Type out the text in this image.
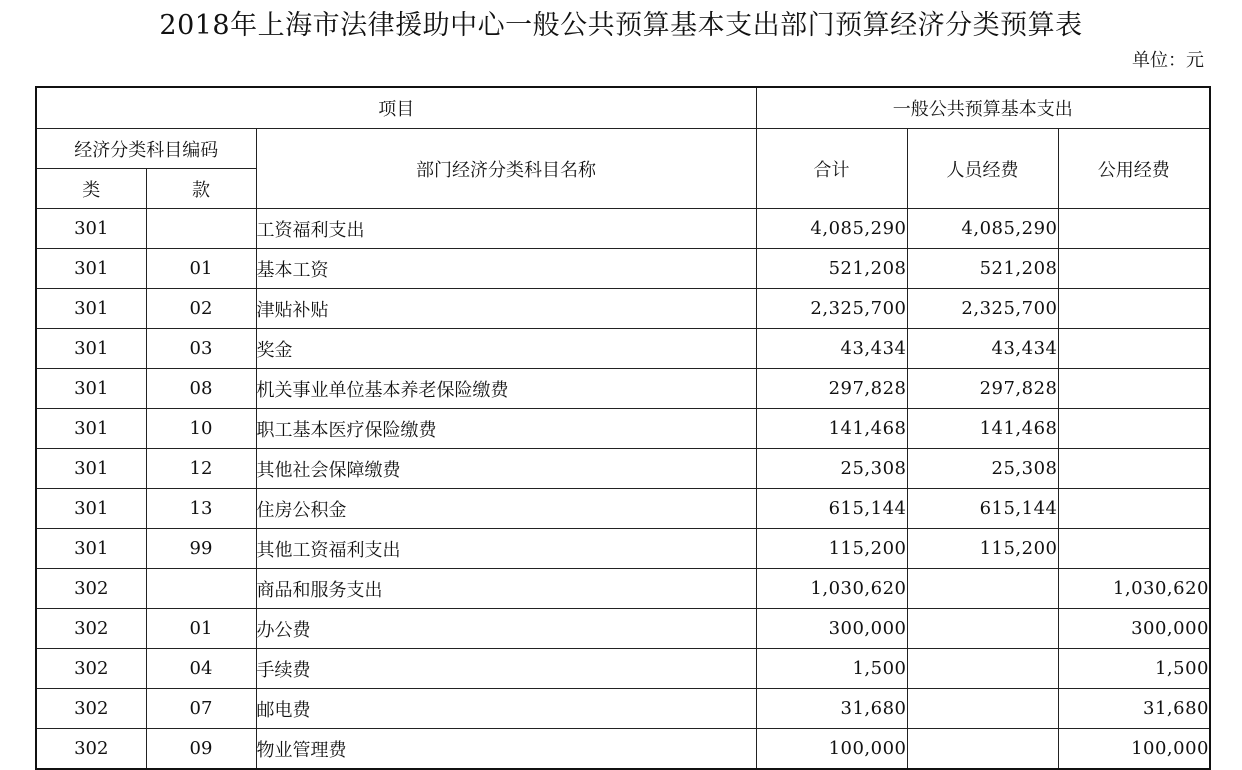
2018年上海市法律援助中心一般公共预算基本支出部门预算经济分类预算表
单位：元
项目			一般公共预算基本支出		
经济分类科目编码		部门经济分类科目名称	合计	人员经费	公用经费
类	款				
301		工资福利支出	4,085,290	4,085,290	
301	01	基本工资	521,208	521,208	
301	02	津贴补贴	2,325,700	2,325,700	
301	03	奖金	43,434	43,434	
301	08	机关事业单位基本养老保险缴费	297,828	297,828	
301	10	职工基本医疗保险缴费	141,468	141,468	
301	12	其他社会保障缴费	25,308	25,308	
301	13	住房公积金	615,144	615,144	
301	99	其他工资福利支出	115,200	115,200	
302		商品和服务支出	1,030,620		1,030,620
302	01	办公费	300,000		300,000
302	04	手续费	1,500		1,500
302	07	邮电费	31,680		31,680
302	09	物业管理费	100,000		100,000
